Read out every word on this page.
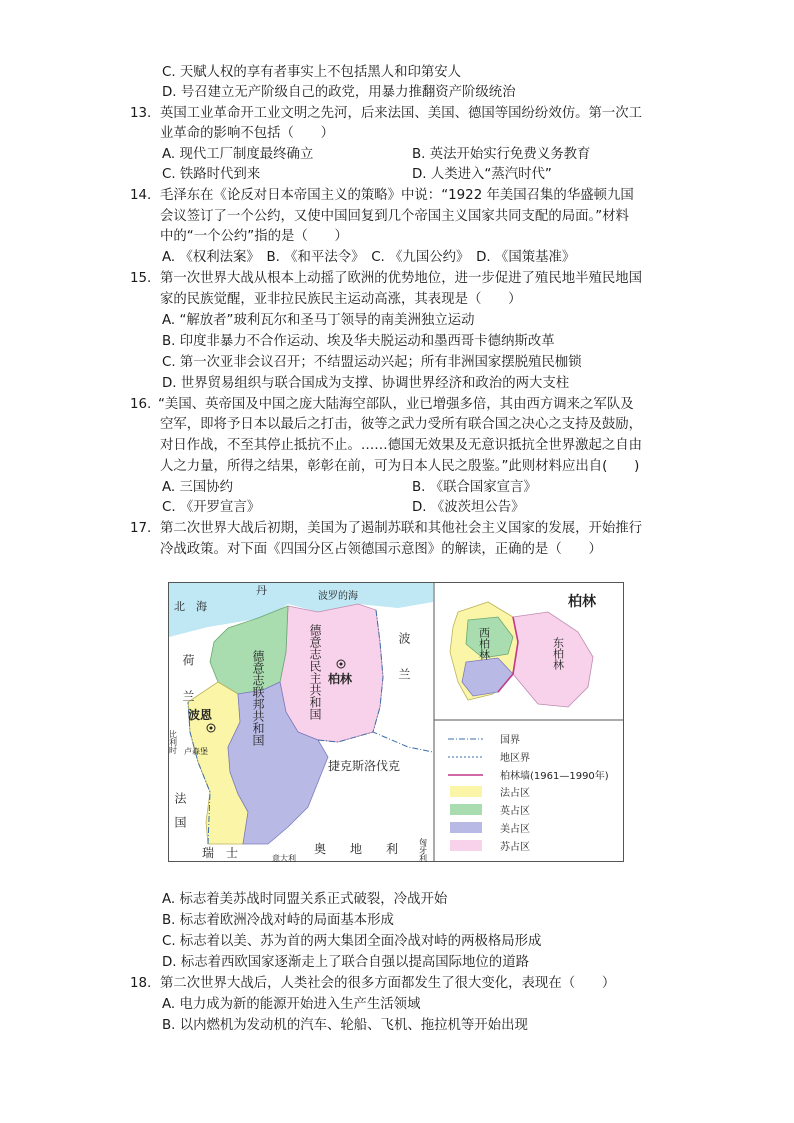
C. 天赋人权的享有者事实上不包括黑人和印第安人
D. 号召建立无产阶级自己的政党，用暴力推翻资产阶级统治
13. 英国工业革命开工业文明之先河，后来法国、美国、德国等国纷纷效仿。第一次工
业革命的影响不包括（　　）
A. 现代工厂制度最终确立	B. 英法开始实行免费义务教育
C. 铁路时代到来	D. 人类进入“蒸汽时代”
14. 毛泽东在《论反对日本帝国主义的策略》中说：“1922 年美国召集的华盛顿九国
会议签订了一个公约，又使中国回复到几个帝国主义国家共同支配的局面。”材料
中的“一个公约”指的是（　　）
A. 《权利法案》　B. 《和平法令》　C. 《九国公约》　D. 《国策基准》
15. 第一次世界大战从根本上动摇了欧洲的优势地位，进一步促进了殖民地半殖民地国
家的民族觉醒，亚非拉民族民主运动高涨，其表现是（　　）
A. “解放者”玻利瓦尔和圣马丁领导的南美洲独立运动
B. 印度非暴力不合作运动、埃及华夫脱运动和墨西哥卡德纳斯改革
C. 第一次亚非会议召开；不结盟运动兴起；所有非洲国家摆脱殖民枷锁
D. 世界贸易组织与联合国成为支撑、协调世界经济和政治的两大支柱
16. “美国、英帝国及中国之庞大陆海空部队，业已增强多倍，其由西方调来之军队及
空军，即将予日本以最后之打击，彼等之武力受所有联合国之决心之支持及鼓励，
对日作战，不至其停止抵抗不止。……德国无效果及无意识抵抗全世界激起之自由
人之力量，所得之结果，彰彰在前，可为日本人民之殷鉴。”此则材料应出自(　　)
A. 三国协约	B. 《联合国家宣言》
C. 《开罗宣言》	D. 《波茨坦公告》
17. 第二次世界大战后初期，美国为了遏制苏联和其他社会主义国家的发展，开始推行
冷战政策。对下面《四国分区占领德国示意图》的解读，正确的是（　　）
北　海
波罗的海
丹
荷　　兰	德意志联邦共和国	德意志民主共和国	波　　兰
波恩
柏林
卢森堡
比利时
法　国
捷克斯洛伐克
瑞　士	奥　　地　　利
意大利	匈牙利
柏林
西柏林	东柏林
国界
地区界
柏林墙(1961—1990年)
法占区
英占区
美占区
苏占区
A. 标志着美苏战时同盟关系正式破裂，冷战开始
B. 标志着欧洲冷战对峙的局面基本形成
C. 标志着以美、苏为首的两大集团全面冷战对峙的两极格局形成
D. 标志着西欧国家逐渐走上了联合自强以提高国际地位的道路
18. 第二次世界大战后，人类社会的很多方面都发生了很大变化，表现在（　　）
A. 电力成为新的能源开始进入生产生活领域
B. 以内燃机为发动机的汽车、轮船、飞机、拖拉机等开始出现
